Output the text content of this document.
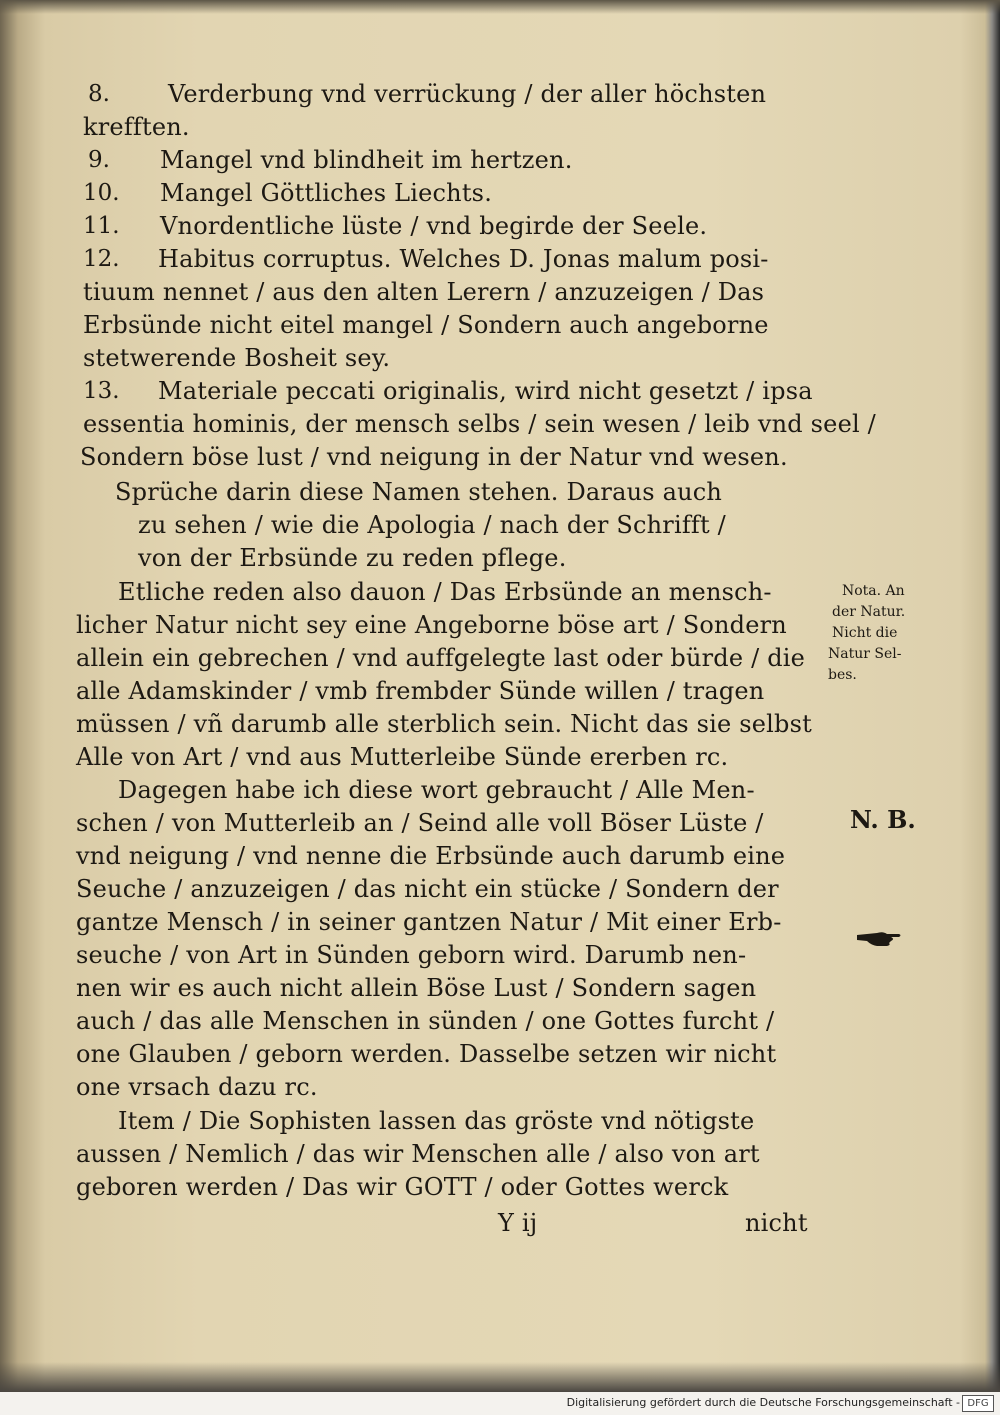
8.	Verderbung vnd verrückung / der aller höchsten
krefften.
9.	Mangel vnd blindheit im hertzen.
10.	Mangel Göttliches Liechts.
11.	Vnordentliche lüste / vnd begirde der Seele.
12.	Habitus corruptus. Welches D. Jonas malum posi-
tiuum nennet / aus den alten Lerern / anzuzeigen / Das
Erbsünde nicht eitel mangel / Sondern auch angeborne
stetwerende Bosheit sey.
13.	Materiale peccati originalis, wird nicht gesetzt / ipsa
essentia hominis, der mensch selbs / sein wesen / leib vnd seel /
Sondern böse lust / vnd neigung in der Natur vnd wesen.
Sprüche darin diese Namen stehen. Daraus auch
zu sehen / wie die Apologia / nach der Schrifft /
von der Erbsünde zu reden pflege.
Etliche reden also dauon / Das Erbsünde an mensch-
licher Natur nicht sey eine Angeborne böse art / Sondern
allein ein gebrechen / vnd auffgelegte last oder bürde / die
alle Adamskinder / vmb frembder Sünde willen / tragen
müssen / vñ darumb alle sterblich sein. Nicht das sie selbst
Alle von Art / vnd aus Mutterleibe Sünde ererben rc.
Dagegen habe ich diese wort gebraucht / Alle Men-
schen / von Mutterleib an / Seind alle voll Böser Lüste /
vnd neigung / vnd nenne die Erbsünde auch darumb eine
Seuche / anzuzeigen / das nicht ein stücke / Sondern der
gantze Mensch / in seiner gantzen Natur / Mit einer Erb-
seuche / von Art in Sünden geborn wird. Darumb nen-
nen wir es auch nicht allein Böse Lust / Sondern sagen
auch / das alle Menschen in sünden / one Gottes furcht /
one Glauben / geborn werden. Dasselbe setzen wir nicht
one vrsach dazu rc.
Item / Die Sophisten lassen das gröste vnd nötigste
aussen / Nemlich / das wir Menschen alle / also von art
geboren werden / Das wir GOTT / oder Gottes werck
Y ij	nicht
Nota. An
der Natur.
Nicht die
Natur Sel-
bes.
N. B.
Digitalisierung gefördert durch die Deutsche Forschungsgemeinschaft - DFG
